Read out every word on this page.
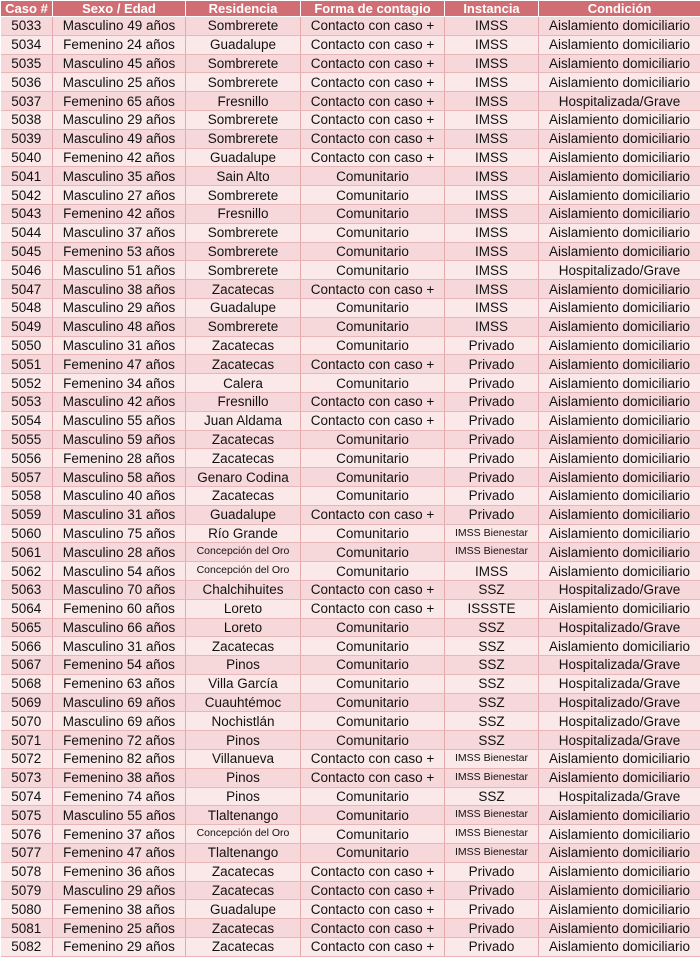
Caso #	Sexo / Edad	Residencia	Forma de contagio	Instancia	Condición
5033	Masculino 49 años	Sombrerete	Contacto con caso +	IMSS	Aislamiento domiciliario
5034	Femenino 24 años	Guadalupe	Contacto con caso +	IMSS	Aislamiento domiciliario
5035	Masculino 45 años	Sombrerete	Contacto con caso +	IMSS	Aislamiento domiciliario
5036	Masculino 25 años	Sombrerete	Contacto con caso +	IMSS	Aislamiento domiciliario
5037	Femenino 65 años	Fresnillo	Contacto con caso +	IMSS	Hospitalizada/Grave
5038	Masculino 29 años	Sombrerete	Contacto con caso +	IMSS	Aislamiento domiciliario
5039	Masculino 49 años	Sombrerete	Contacto con caso +	IMSS	Aislamiento domiciliario
5040	Femenino 42 años	Guadalupe	Contacto con caso +	IMSS	Aislamiento domiciliario
5041	Masculino 35 años	Sain Alto	Comunitario	IMSS	Aislamiento domiciliario
5042	Masculino 27 años	Sombrerete	Comunitario	IMSS	Aislamiento domiciliario
5043	Femenino 42 años	Fresnillo	Comunitario	IMSS	Aislamiento domiciliario
5044	Masculino 37 años	Sombrerete	Comunitario	IMSS	Aislamiento domiciliario
5045	Femenino 53 años	Sombrerete	Comunitario	IMSS	Aislamiento domiciliario
5046	Masculino 51 años	Sombrerete	Comunitario	IMSS	Hospitalizado/Grave
5047	Masculino 38 años	Zacatecas	Contacto con caso +	IMSS	Aislamiento domiciliario
5048	Masculino 29 años	Guadalupe	Comunitario	IMSS	Aislamiento domiciliario
5049	Masculino 48 años	Sombrerete	Comunitario	IMSS	Aislamiento domiciliario
5050	Masculino 31 años	Zacatecas	Comunitario	Privado	Aislamiento domiciliario
5051	Femenino 47 años	Zacatecas	Contacto con caso +	Privado	Aislamiento domiciliario
5052	Femenino 34 años	Calera	Comunitario	Privado	Aislamiento domiciliario
5053	Masculino 42 años	Fresnillo	Contacto con caso +	Privado	Aislamiento domiciliario
5054	Masculino 55 años	Juan Aldama	Contacto con caso +	Privado	Aislamiento domiciliario
5055	Masculino 59 años	Zacatecas	Comunitario	Privado	Aislamiento domiciliario
5056	Femenino 28 años	Zacatecas	Comunitario	Privado	Aislamiento domiciliario
5057	Masculino 58 años	Genaro Codina	Comunitario	Privado	Aislamiento domiciliario
5058	Masculino 40 años	Zacatecas	Comunitario	Privado	Aislamiento domiciliario
5059	Masculino 31 años	Guadalupe	Contacto con caso +	Privado	Aislamiento domiciliario
5060	Masculino 75 años	Río Grande	Comunitario	IMSS Bienestar	Aislamiento domiciliario
5061	Masculino 28 años	Concepción del Oro	Comunitario	IMSS Bienestar	Aislamiento domiciliario
5062	Masculino 54 años	Concepción del Oro	Comunitario	IMSS	Aislamiento domiciliario
5063	Masculino 70 años	Chalchihuites	Contacto con caso +	SSZ	Hospitalizado/Grave
5064	Femenino 60 años	Loreto	Contacto con caso +	ISSSTE	Aislamiento domiciliario
5065	Masculino 66 años	Loreto	Comunitario	SSZ	Hospitalizado/Grave
5066	Masculino 31 años	Zacatecas	Comunitario	SSZ	Aislamiento domiciliario
5067	Femenino 54 años	Pinos	Comunitario	SSZ	Hospitalizada/Grave
5068	Femenino 63 años	Villa García	Comunitario	SSZ	Hospitalizada/Grave
5069	Masculino 69 años	Cuauhtémoc	Comunitario	SSZ	Hospitalizado/Grave
5070	Masculino 69 años	Nochistlán	Comunitario	SSZ	Hospitalizado/Grave
5071	Femenino 72 años	Pinos	Comunitario	SSZ	Hospitalizada/Grave
5072	Femenino 82 años	Villanueva	Contacto con caso +	IMSS Bienestar	Aislamiento domiciliario
5073	Femenino 38 años	Pinos	Contacto con caso +	IMSS Bienestar	Aislamiento domiciliario
5074	Femenino 74 años	Pinos	Comunitario	SSZ	Hospitalizada/Grave
5075	Masculino 55 años	Tlaltenango	Comunitario	IMSS Bienestar	Aislamiento domiciliario
5076	Femenino 37 años	Concepción del Oro	Comunitario	IMSS Bienestar	Aislamiento domiciliario
5077	Femenino 47 años	Tlaltenango	Comunitario	IMSS Bienestar	Aislamiento domiciliario
5078	Femenino 36 años	Zacatecas	Contacto con caso +	Privado	Aislamiento domiciliario
5079	Masculino 29 años	Zacatecas	Contacto con caso +	Privado	Aislamiento domiciliario
5080	Femenino 38 años	Guadalupe	Contacto con caso +	Privado	Aislamiento domiciliario
5081	Femenino 25 años	Zacatecas	Contacto con caso +	Privado	Aislamiento domiciliario
5082	Femenino 29 años	Zacatecas	Contacto con caso +	Privado	Aislamiento domiciliario
